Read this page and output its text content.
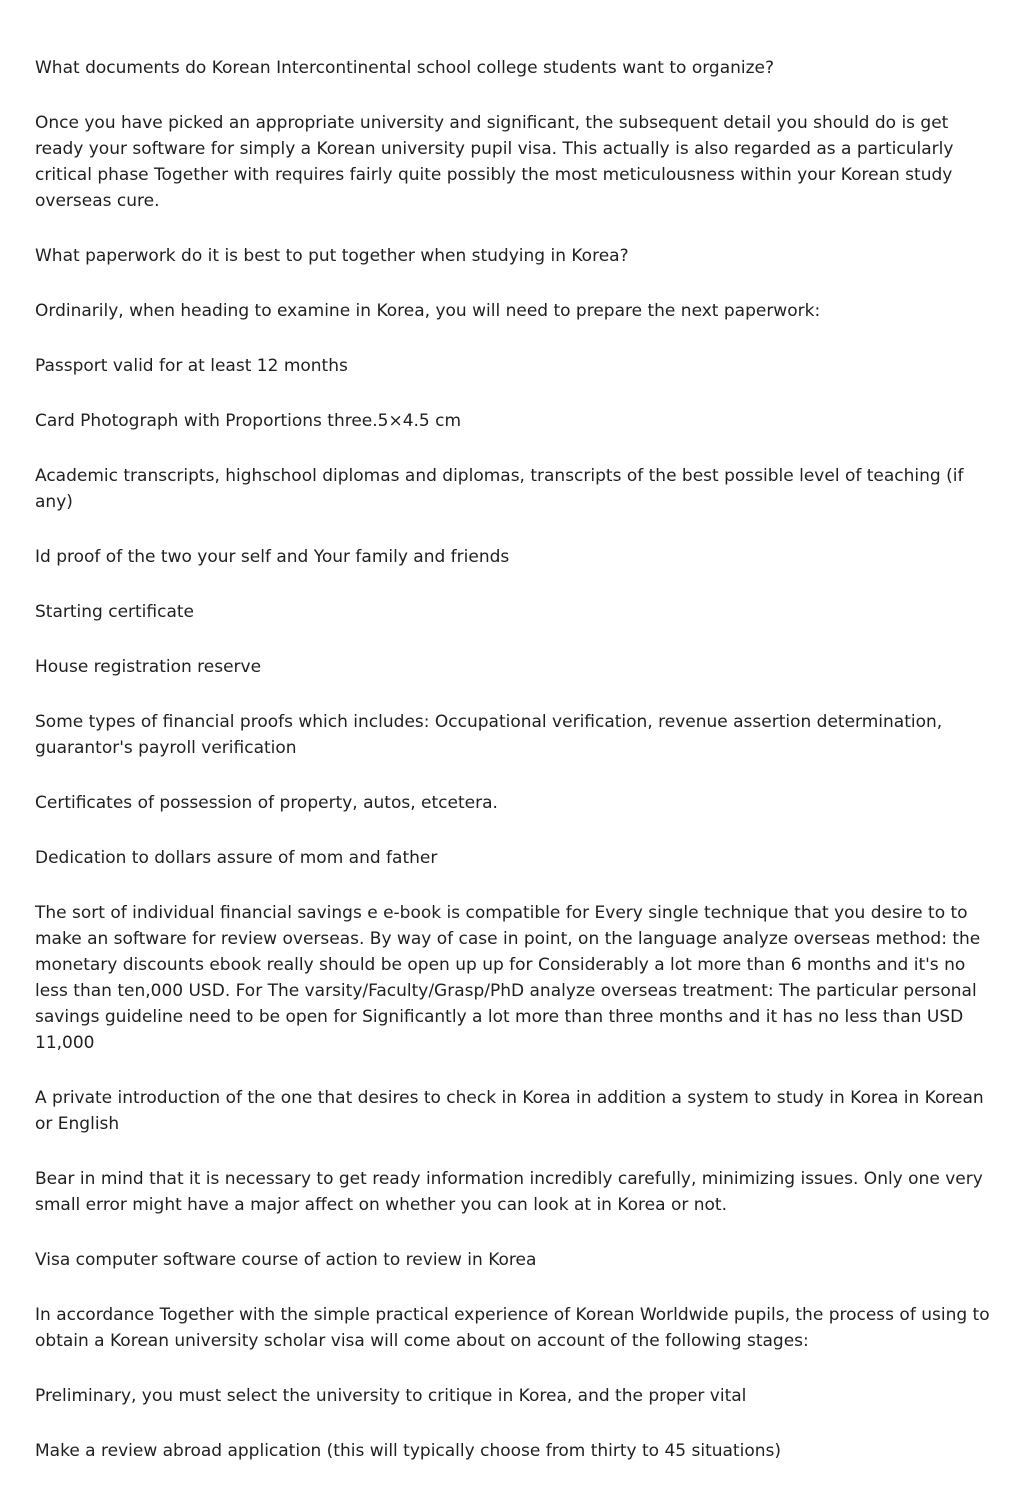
What documents do Korean Intercontinental school college students want to organize?

Once you have picked an appropriate university and significant, the subsequent detail you should do is get ready your software for simply a Korean university pupil visa. This actually is also regarded as a particularly critical phase Together with requires fairly quite possibly the most meticulousness within your Korean study overseas cure.

What paperwork do it is best to put together when studying in Korea?

Ordinarily, when heading to examine in Korea, you will need to prepare the next paperwork:

Passport valid for at least 12 months

Card Photograph with Proportions three.5×4.5 cm

Academic transcripts, highschool diplomas and diplomas, transcripts of the best possible level of teaching (if any)

Id proof of the two your self and Your family and friends

Starting certificate

House registration reserve

Some types of financial proofs which includes: Occupational verification, revenue assertion determination, guarantor's payroll verification

Certificates of possession of property, autos, etcetera.

Dedication to dollars assure of mom and father

The sort of individual financial savings e e-book is compatible for Every single technique that you desire to to make an software for review overseas. By way of case in point, on the language analyze overseas method: the monetary discounts ebook really should be open up up for Considerably a lot more than 6 months and it's no less than ten,000 USD. For The varsity/Faculty/Grasp/PhD analyze overseas treatment: The particular personal savings guideline need to be open for Significantly a lot more than three months and it has no less than USD 11,000

A private introduction of the one that desires to check in Korea in addition a system to study in Korea in Korean or English

Bear in mind that it is necessary to get ready information incredibly carefully, minimizing issues. Only one very small error might have a major affect on whether you can look at in Korea or not.

Visa computer software course of action to review in Korea

In accordance Together with the simple practical experience of Korean Worldwide pupils, the process of using to obtain a Korean university scholar visa will come about on account of the following stages:

Preliminary, you must select the university to critique in Korea, and the proper vital

Make a review abroad application (this will typically choose from thirty to 45 situations)
